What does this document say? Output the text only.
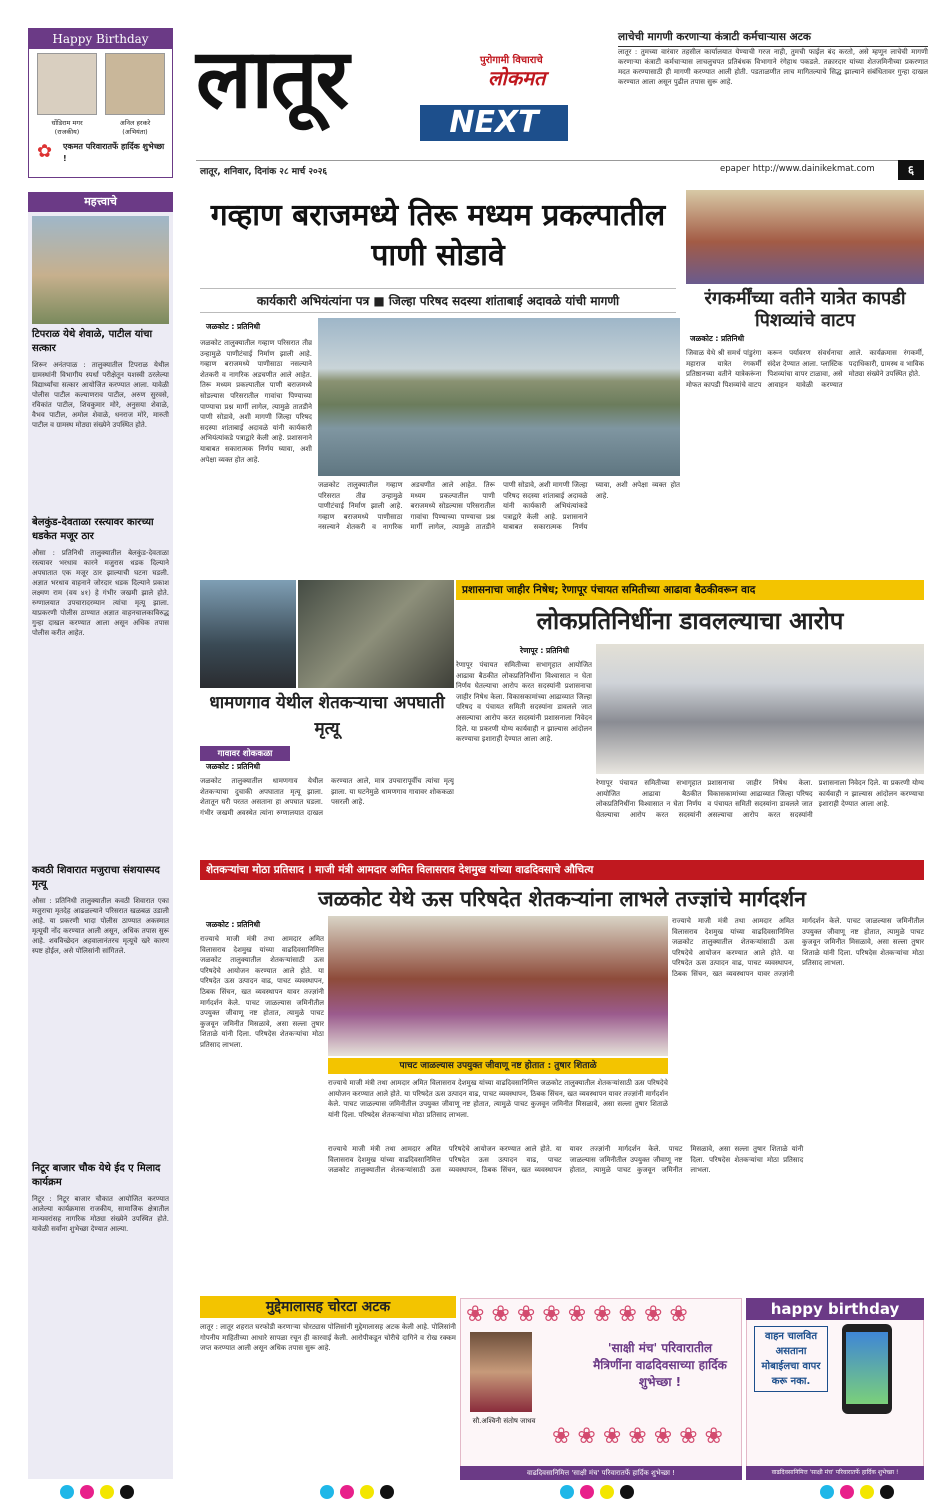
Happy Birthday
धोंडिराम मगर
(राजकीय)
अनिल हरकरे
(अभियंता)
✿ एकमत परिवारातर्फे हार्दिक शुभेच्छा !
लातूर	NEXT
पुरोगामी विचाराचे
लोकमत
लातूर, शनिवार, दिनांक २८ मार्च २०२६	epaper http://www.dainikekmat.com	६
लाचेची मागणी करणाऱ्या कंत्राटी कर्मचाऱ्यास अटक
लातूर : तुमच्या वारंवार तहसील कार्यालयात येण्याची गरज नाही, तुमची फाईल बंद करतो, असे म्हणून लाचेची मागणी करणाऱ्या कंत्राटी कर्मचाऱ्यास लाचलुचपत प्रतिबंधक विभागाने रंगेहाथ पकडले. तक्रारदार यांच्या शेतजमिनीच्या प्रकरणात मदत करण्यासाठी ही मागणी करण्यात आली होती. पडताळणीत लाच मागितल्याचे सिद्ध झाल्याने संबंधितावर गुन्हा दाखल करण्यात आला असून पुढील तपास सुरू आहे.
महत्त्वाचे
टिपराळ येथे शेवाळे, पाटील यांचा सत्कार
शिरूर अनंतपाळ : तालुक्यातील टिपराळ येथील ग्रामस्थांनी विभागीय स्पर्धा परीक्षेतून यशस्वी ठरलेल्या विद्यार्थ्यांचा सत्कार आयोजित करण्यात आला. यावेळी पोलीस पाटील कल्याणराव पाटील, अरुण सुरवसे, रविकांत पाटील, शिवकुमार मोरे, अनुसया शेवाळे, वैभव पाटील, अमोल शेवाळे, धनराज मोरे, मारुती पाटील व ग्रामस्थ मोठ्या संख्येने उपस्थित होते.
बेलकुंड-देवताळा रस्त्यावर कारच्या धडकेत मजूर ठार
औसा : प्रतिनिधी तालुक्यातील बेलकुंड-देवताळा रस्त्यावर भरधाव कारने मजुरास धडक दिल्याने अपघातात एक मजूर ठार झाल्याची घटना घडली. अज्ञात भरधाव वाहनाने जोरदार धडक दिल्याने प्रकाश लक्ष्मण राम (वय ४१) हे गंभीर जखमी झाले होते. रुग्णालयात उपचारादरम्यान त्यांचा मृत्यू झाला. याप्रकरणी पोलीस ठाण्यात अज्ञात वाहनचालकाविरुद्ध गुन्हा दाखल करण्यात आला असून अधिक तपास पोलीस करीत आहेत.
कवठी शिवारात मजुराचा संशयास्पद मृत्यू
औसा : प्रतिनिधी तालुक्यातील कवठी शिवारात एका मजुराचा मृतदेह आढळल्याने परिसरात खळबळ उडाली आहे. या प्रकरणी भादा पोलीस ठाण्यात अकस्मात मृत्यूची नोंद करण्यात आली असून, अधिक तपास सुरू आहे. शवविच्छेदन अहवालानंतरच मृत्यूचे खरे कारण स्पष्ट होईल, असे पोलिसांनी सांगितले.
निटूर बाजार चौक येथे ईद ए मिलाद कार्यक्रम
निटूर : निटूर बाजार चौकात आयोजित करण्यात आलेल्या कार्यक्रमास राजकीय, सामाजिक क्षेत्रातील मान्यवरांसह नागरिक मोठ्या संख्येने उपस्थित होते. यावेळी सर्वांना शुभेच्छा देण्यात आल्या.
गव्हाण बराजमध्ये तिरू मध्यम प्रकल्पातील पाणी सोडावे
कार्यकारी अभियंत्यांना पत्र ■ जिल्हा परिषद सदस्या शांताबाई अदावळे यांची मागणी
जळकोट : प्रतिनिधी
जळकोट तालुक्यातील गव्हाण परिसरात तीव्र उन्हामुळे पाणीटंचाई निर्माण झाली आहे. गव्हाण बराजमध्ये पाणीसाठा नसल्याने शेतकरी व नागरिक अडचणीत आले आहेत. तिरू मध्यम प्रकल्पातील पाणी बराजमध्ये सोडल्यास परिसरातील गावांचा पिण्याच्या पाण्याचा प्रश्न मार्गी लागेल, त्यामुळे तातडीने पाणी सोडावे, अशी मागणी जिल्हा परिषद सदस्या शांताबाई अदावळे यांनी कार्यकारी अभियंत्यांकडे पत्राद्वारे केली आहे. प्रशासनाने याबाबत सकारात्मक निर्णय घ्यावा, अशी अपेक्षा व्यक्त होत आहे.
जळकोट तालुक्यातील गव्हाण परिसरात तीव्र उन्हामुळे पाणीटंचाई निर्माण झाली आहे. गव्हाण बराजमध्ये पाणीसाठा नसल्याने शेतकरी व नागरिक अडचणीत आले आहेत. तिरू मध्यम प्रकल्पातील पाणी बराजमध्ये सोडल्यास परिसरातील गावांचा पिण्याच्या पाण्याचा प्रश्न मार्गी लागेल, त्यामुळे तातडीने पाणी सोडावे, अशी मागणी जिल्हा परिषद सदस्या शांताबाई अदावळे यांनी कार्यकारी अभियंत्यांकडे पत्राद्वारे केली आहे. प्रशासनाने याबाबत सकारात्मक निर्णय घ्यावा, अशी अपेक्षा व्यक्त होत आहे.
रंगकर्मींच्या वतीने यात्रेत कापडी पिशव्यांचे वाटप
जळकोट : प्रतिनिधी
जिवाळ येथे श्री समर्थ पांडुरंगा महाराज यात्रेत रंगकर्मी प्रतिष्ठानच्या वतीने यात्रेकरूंना मोफत कापडी पिशव्यांचे वाटप करून पर्यावरण संवर्धनाचा संदेश देण्यात आला. प्लास्टिक पिशव्यांचा वापर टाळावा, असे आवाहन यावेळी करण्यात आले. कार्यक्रमास रंगकर्मी, पदाधिकारी, ग्रामस्थ व भाविक मोठ्या संख्येने उपस्थित होते.
धामणगाव येथील शेतकऱ्याचा अपघाती मृत्यू
गावावर शोककळा
जळकोट : प्रतिनिधी
जळकोट तालुक्यातील धामणगाव येथील शेतकऱ्याचा दुचाकी अपघातात मृत्यू झाला. शेतातून घरी परतत असताना हा अपघात घडला. गंभीर जखमी अवस्थेत त्यांना रुग्णालयात दाखल करण्यात आले, मात्र उपचारापूर्वीच त्यांचा मृत्यू झाला. या घटनेमुळे धामणगाव गावावर शोककळा पसरली आहे.
प्रशासनाचा जाहीर निषेध; रेणापूर पंचायत समितीच्या आढावा बैठकीवरून वाद
लोकप्रतिनिधींना डावलल्याचा आरोप
रेणापूर : प्रतिनिधी
रेणापूर पंचायत समितीच्या सभागृहात आयोजित आढावा बैठकीत लोकप्रतिनिधींना विश्वासात न घेता निर्णय घेतल्याचा आरोप करत सदस्यांनी प्रशासनाचा जाहीर निषेध केला. विकासकामांच्या आढाव्यात जिल्हा परिषद व पंचायत समिती सदस्यांना डावलले जात असल्याचा आरोप करत सदस्यांनी प्रशासनाला निवेदन दिले. या प्रकरणी योग्य कार्यवाही न झाल्यास आंदोलन करण्याचा इशाराही देण्यात आला आहे.
रेणापूर पंचायत समितीच्या सभागृहात आयोजित आढावा बैठकीत लोकप्रतिनिधींना विश्वासात न घेता निर्णय घेतल्याचा आरोप करत सदस्यांनी प्रशासनाचा जाहीर निषेध केला. विकासकामांच्या आढाव्यात जिल्हा परिषद व पंचायत समिती सदस्यांना डावलले जात असल्याचा आरोप करत सदस्यांनी प्रशासनाला निवेदन दिले. या प्रकरणी योग्य कार्यवाही न झाल्यास आंदोलन करण्याचा इशाराही देण्यात आला आहे.
शेतकऱ्यांचा मोठा प्रतिसाद । माजी मंत्री आमदार अमित विलासराव देशमुख यांच्या वाढदिवसाचे औचित्य
जळकोट येथे ऊस परिषदेत शेतकऱ्यांना लाभले तज्ज्ञांचे मार्गदर्शन
जळकोट : प्रतिनिधी
राज्याचे माजी मंत्री तथा आमदार अमित विलासराव देशमुख यांच्या वाढदिवसानिमित्त जळकोट तालुक्यातील शेतकऱ्यांसाठी ऊस परिषदेचे आयोजन करण्यात आले होते. या परिषदेत ऊस उत्पादन वाढ, पाचट व्यवस्थापन, ठिबक सिंचन, खत व्यवस्थापन यावर तज्ज्ञांनी मार्गदर्शन केले. पाचट जाळल्यास जमिनीतील उपयुक्त जीवाणू नष्ट होतात, त्यामुळे पाचट कुजवून जमिनीत मिसळावे, असा सल्ला तुषार शिताळे यांनी दिला. परिषदेस शेतकऱ्यांचा मोठा प्रतिसाद लाभला.
पाचट जाळल्यास उपयुक्त जीवाणू नष्ट होतात : तुषार शिताळे
राज्याचे माजी मंत्री तथा आमदार अमित विलासराव देशमुख यांच्या वाढदिवसानिमित्त जळकोट तालुक्यातील शेतकऱ्यांसाठी ऊस परिषदेचे आयोजन करण्यात आले होते. या परिषदेत ऊस उत्पादन वाढ, पाचट व्यवस्थापन, ठिबक सिंचन, खत व्यवस्थापन यावर तज्ज्ञांनी मार्गदर्शन केले. पाचट जाळल्यास जमिनीतील उपयुक्त जीवाणू नष्ट होतात, त्यामुळे पाचट कुजवून जमिनीत मिसळावे, असा सल्ला तुषार शिताळे यांनी दिला. परिषदेस शेतकऱ्यांचा मोठा प्रतिसाद लाभला.
राज्याचे माजी मंत्री तथा आमदार अमित विलासराव देशमुख यांच्या वाढदिवसानिमित्त जळकोट तालुक्यातील शेतकऱ्यांसाठी ऊस परिषदेचे आयोजन करण्यात आले होते. या परिषदेत ऊस उत्पादन वाढ, पाचट व्यवस्थापन, ठिबक सिंचन, खत व्यवस्थापन यावर तज्ज्ञांनी मार्गदर्शन केले. पाचट जाळल्यास जमिनीतील उपयुक्त जीवाणू नष्ट होतात, त्यामुळे पाचट कुजवून जमिनीत मिसळावे, असा सल्ला तुषार शिताळे यांनी दिला. परिषदेस शेतकऱ्यांचा मोठा प्रतिसाद लाभला.
राज्याचे माजी मंत्री तथा आमदार अमित विलासराव देशमुख यांच्या वाढदिवसानिमित्त जळकोट तालुक्यातील शेतकऱ्यांसाठी ऊस परिषदेचे आयोजन करण्यात आले होते. या परिषदेत ऊस उत्पादन वाढ, पाचट व्यवस्थापन, ठिबक सिंचन, खत व्यवस्थापन यावर तज्ज्ञांनी मार्गदर्शन केले. पाचट जाळल्यास जमिनीतील उपयुक्त जीवाणू नष्ट होतात, त्यामुळे पाचट कुजवून जमिनीत मिसळावे, असा सल्ला तुषार शिताळे यांनी दिला. परिषदेस शेतकऱ्यांचा मोठा प्रतिसाद लाभला.
मुद्देमालासह चोरटा अटक
लातूर : लातूर शहरात घरफोडी करणाऱ्या चोरट्यास पोलिसांनी मुद्देमालासह अटक केली आहे. पोलिसांनी गोपनीय माहितीच्या आधारे सापळा रचून ही कारवाई केली. आरोपीकडून चोरीचे दागिने व रोख रक्कम जप्त करण्यात आली असून अधिक तपास सुरू आहे.
❀ ❀ ❀ ❀ ❀ ❀ ❀ ❀ ❀
सौ.अश्विनी संतोष जाधव
'साक्षी मंच' परिवारातील मैत्रिणींना वाढदिवसाच्या हार्दिक शुभेच्छा !
❀ ❀ ❀ ❀ ❀ ❀ ❀
वाढदिवसानिमित्त 'साक्षी मंच' परिवारातर्फे हार्दिक शुभेच्छा !
happy birthday
वाहन चालवित असताना मोबाईलचा वापर करू नका.
वाढदिवसानिमित्त 'साक्षी मंच' परिवारातर्फे हार्दिक शुभेच्छा !
